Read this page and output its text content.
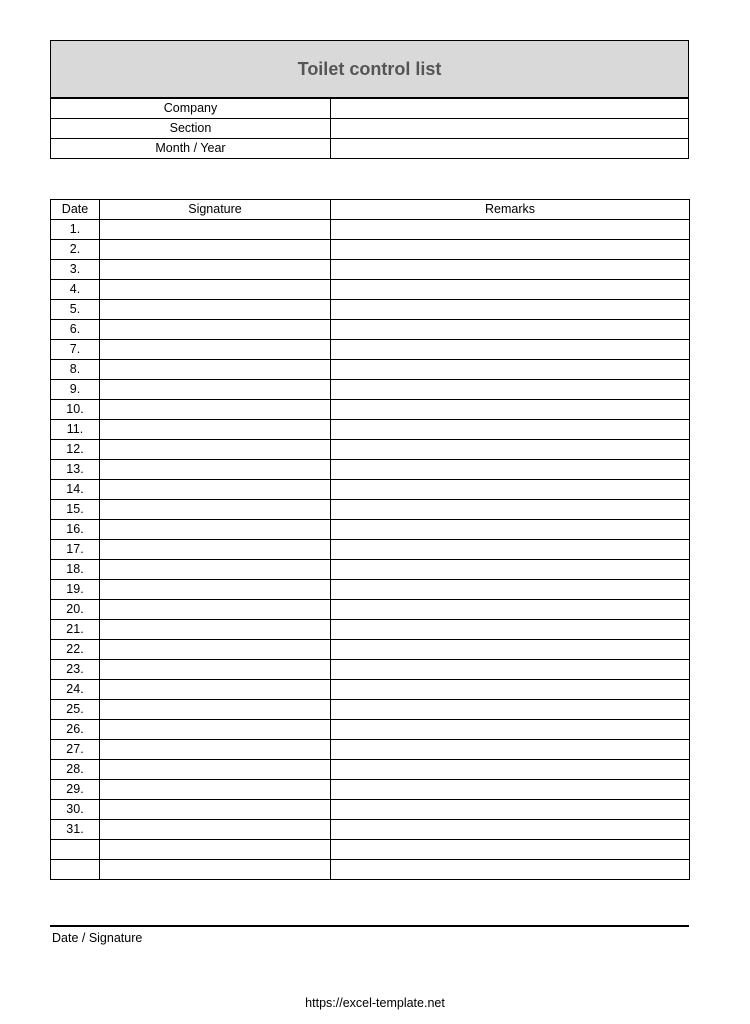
Toilet control list
Company	
Section	
Month / Year	
Date	Signature	Remarks
1.		
2.		
3.		
4.		
5.		
6.		
7.		
8.		
9.		
10.		
11.		
12.		
13.		
14.		
15.		
16.		
17.		
18.		
19.		
20.		
21.		
22.		
23.		
24.		
25.		
26.		
27.		
28.		
29.		
30.		
31.		

Date / Signature
https://excel-template.net
